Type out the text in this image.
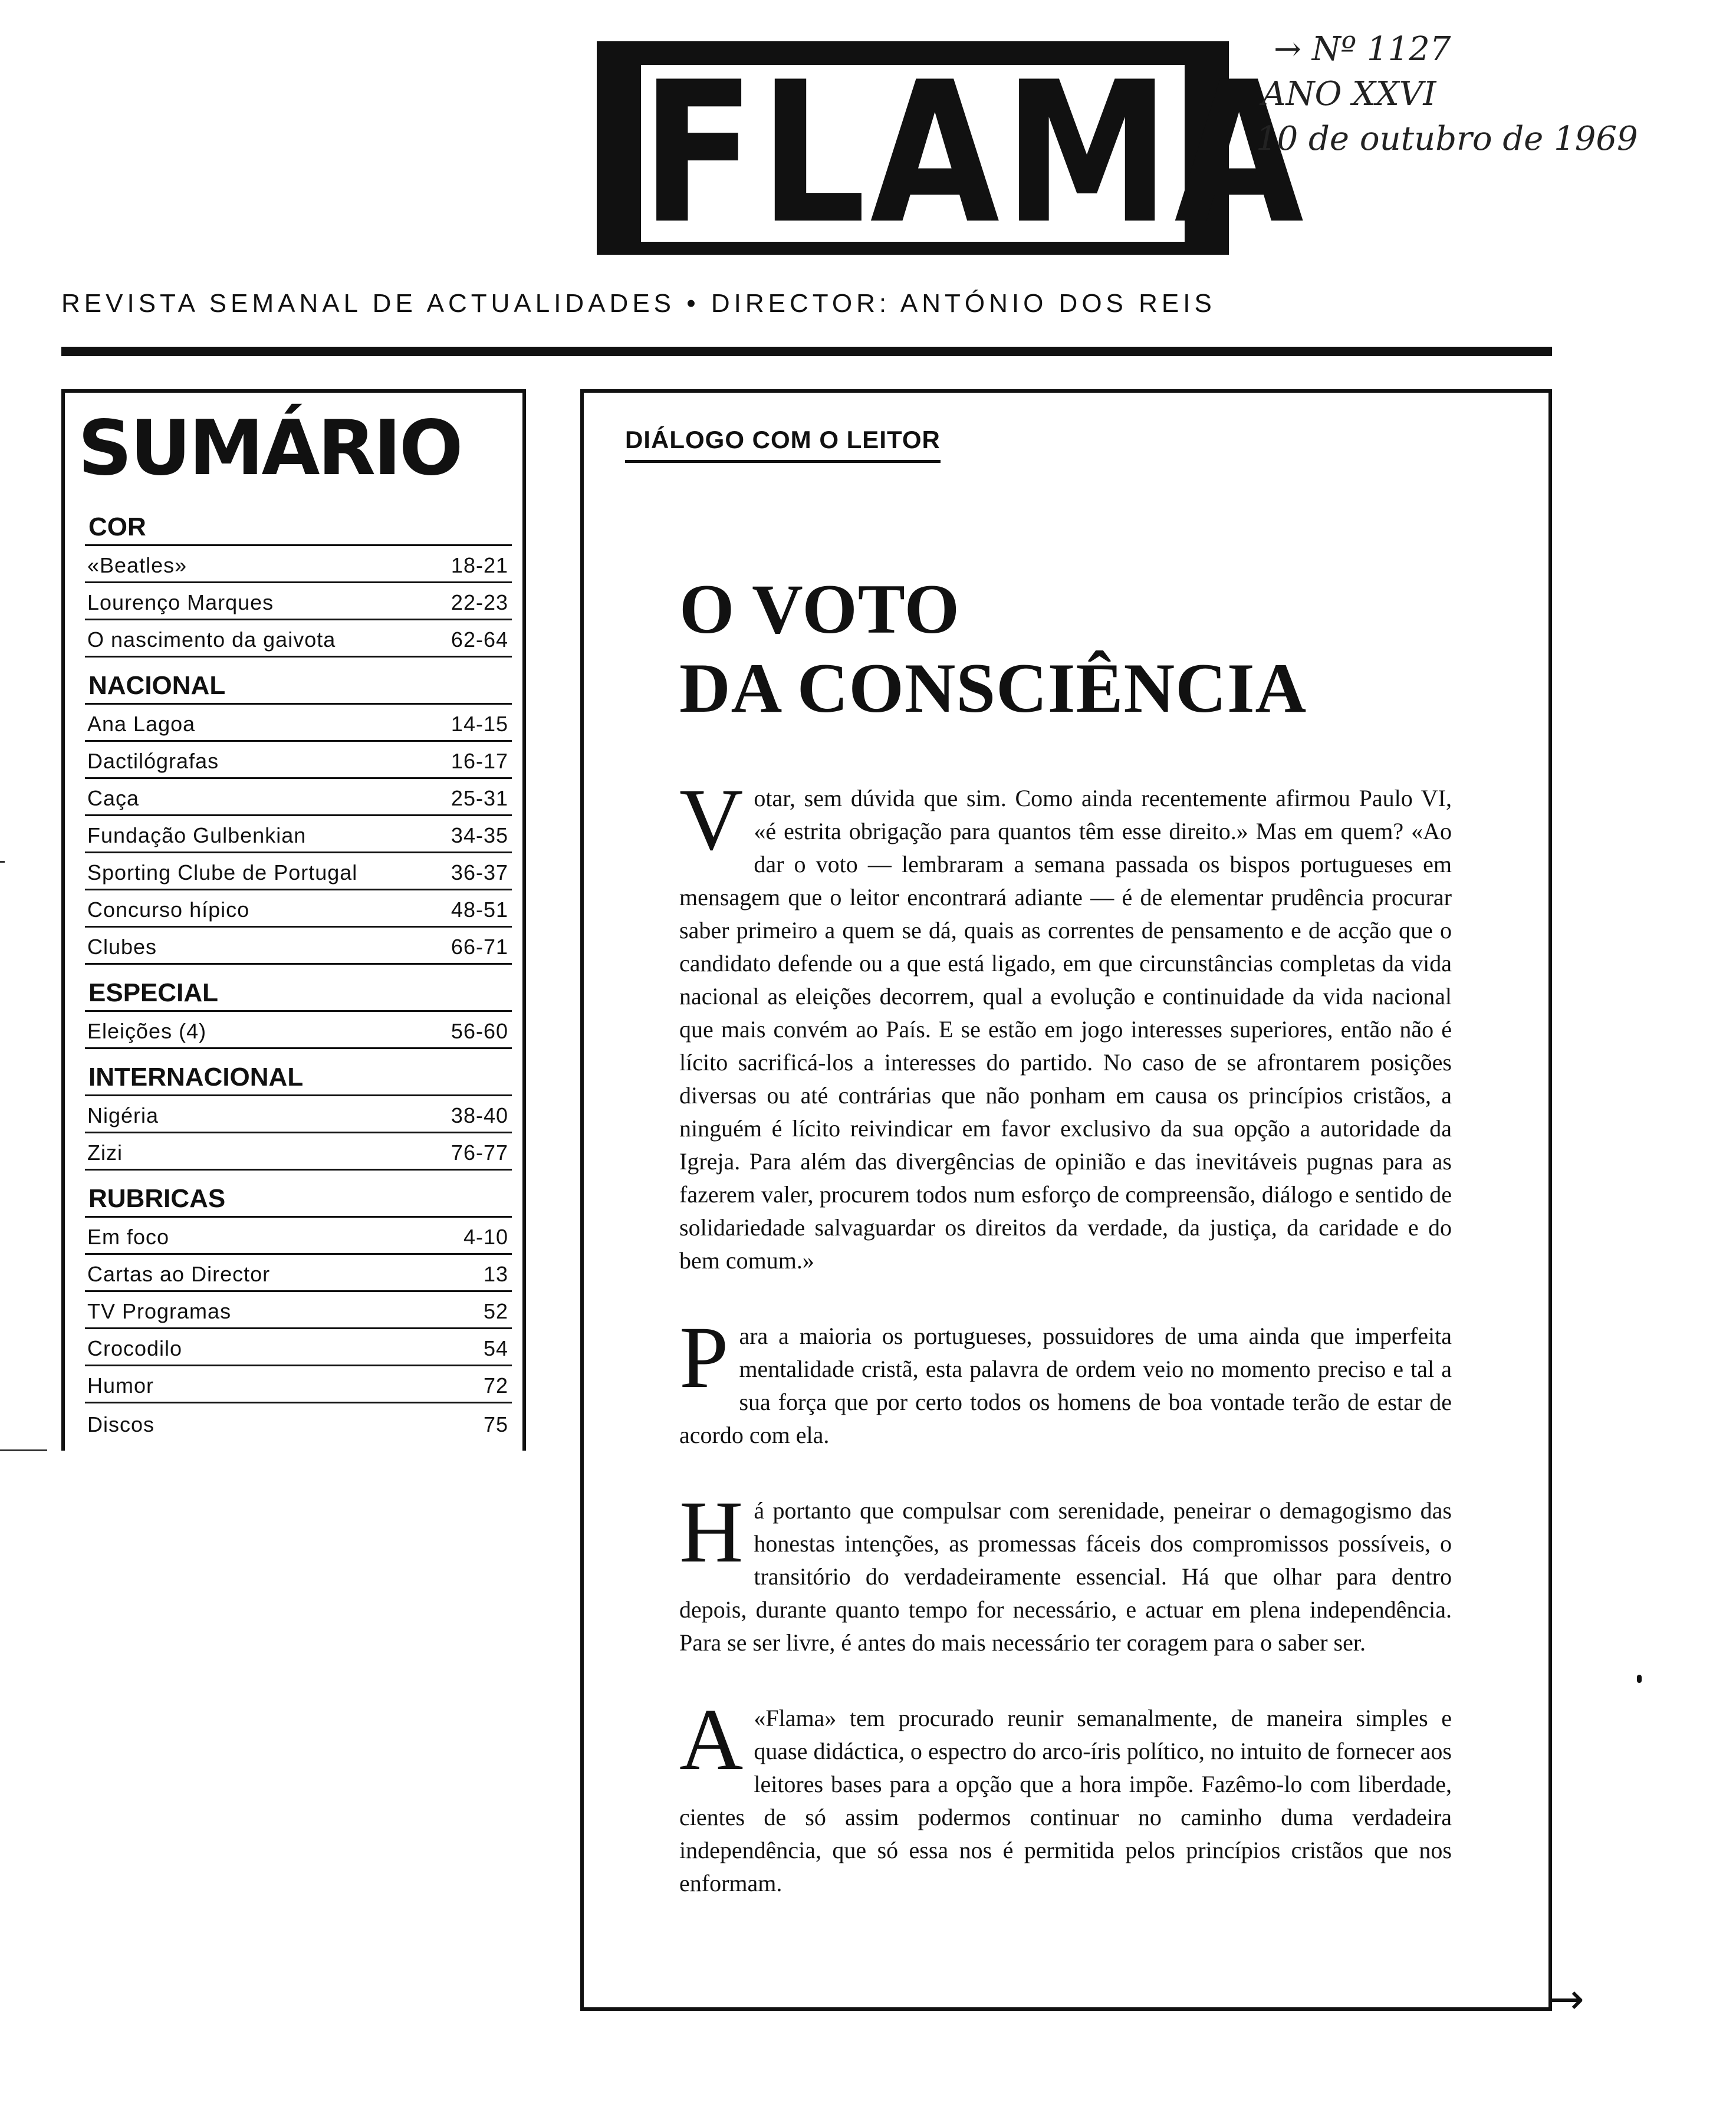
FLAMA
→ Nº 1127
ANO XXVI
10 de outubro de 1969
REVISTA SEMANAL DE ACTUALIDADES • DIRECTOR: ANTÓNIO DOS REIS
SUMÁRIO
COR
«Beatles»	18-21
Lourenço Marques	22-23
O nascimento da gaivota	62-64
NACIONAL
Ana Lagoa	14-15
Dactilógrafas	16-17
Caça	25-31
Fundação Gulbenkian	34-35
Sporting Clube de Portugal	36-37
Concurso hípico	48-51
Clubes	66-71
ESPECIAL
Eleições (4)	56-60
INTERNACIONAL
Nigéria	38-40
Zizi	76-77
RUBRICAS
Em foco	4-10
Cartas ao Director	13
TV Programas	52
Crocodilo	54
Humor	72
Discos	75
DIÁLOGO COM O LEITOR
O VOTO
DA CONSCIÊNCIA

Votar, sem dúvida que sim. Como ainda recentemente afirmou Paulo VI, «é estrita obrigação para quantos têm esse direito.» Mas em quem? «Ao dar o voto — lembraram a semana passada os bispos portugueses em mensagem que o leitor encontrará adiante — é de elementar prudência procurar saber primeiro a quem se dá, quais as correntes de pensamento e de acção que o candidato defende ou a que está ligado, em que circunstâncias completas da vida nacional as eleições decorrem, qual a evolução e continuidade da vida nacional que mais convém ao País. E se estão em jogo interesses superiores, então não é lícito sacrificá-los a interesses do partido. No caso de se afrontarem posições diversas ou até contrárias que não ponham em causa os princípios cristãos, a ninguém é lícito reivindicar em favor exclusivo da sua opção a autoridade da Igreja. Para além das divergências de opinião e das inevitáveis pugnas para as fazerem valer, procurem todos num esforço de compreensão, diálogo e sentido de solidariedade salvaguardar os direitos da verdade, da justiça, da caridade e do bem comum.»

Para a maioria os portugueses, possuidores de uma ainda que imperfeita mentalidade cristã, esta palavra de ordem veio no momento preciso e tal a sua força que por certo todos os homens de boa vontade terão de estar de acordo com ela.

Há portanto que compulsar com serenidade, peneirar o demagogismo das honestas intenções, as promessas fáceis dos compromissos possíveis, o transitório do verdadeiramente essencial. Há que olhar para dentro depois, durante quanto tempo for necessário, e actuar em plena independência. Para se ser livre, é antes do mais necessário ter coragem para o saber ser.

A «Flama» tem procurado reunir semanalmente, de maneira simples e quase didáctica, o espectro do arco-íris político, no intuito de fornecer aos leitores bases para a opção que a hora impõe. Fazêmo-lo com liberdade, cientes de só assim podermos continuar no caminho duma verdadeira independência, que só essa nos é permitida pelos princípios cristãos que nos enformam.

→
